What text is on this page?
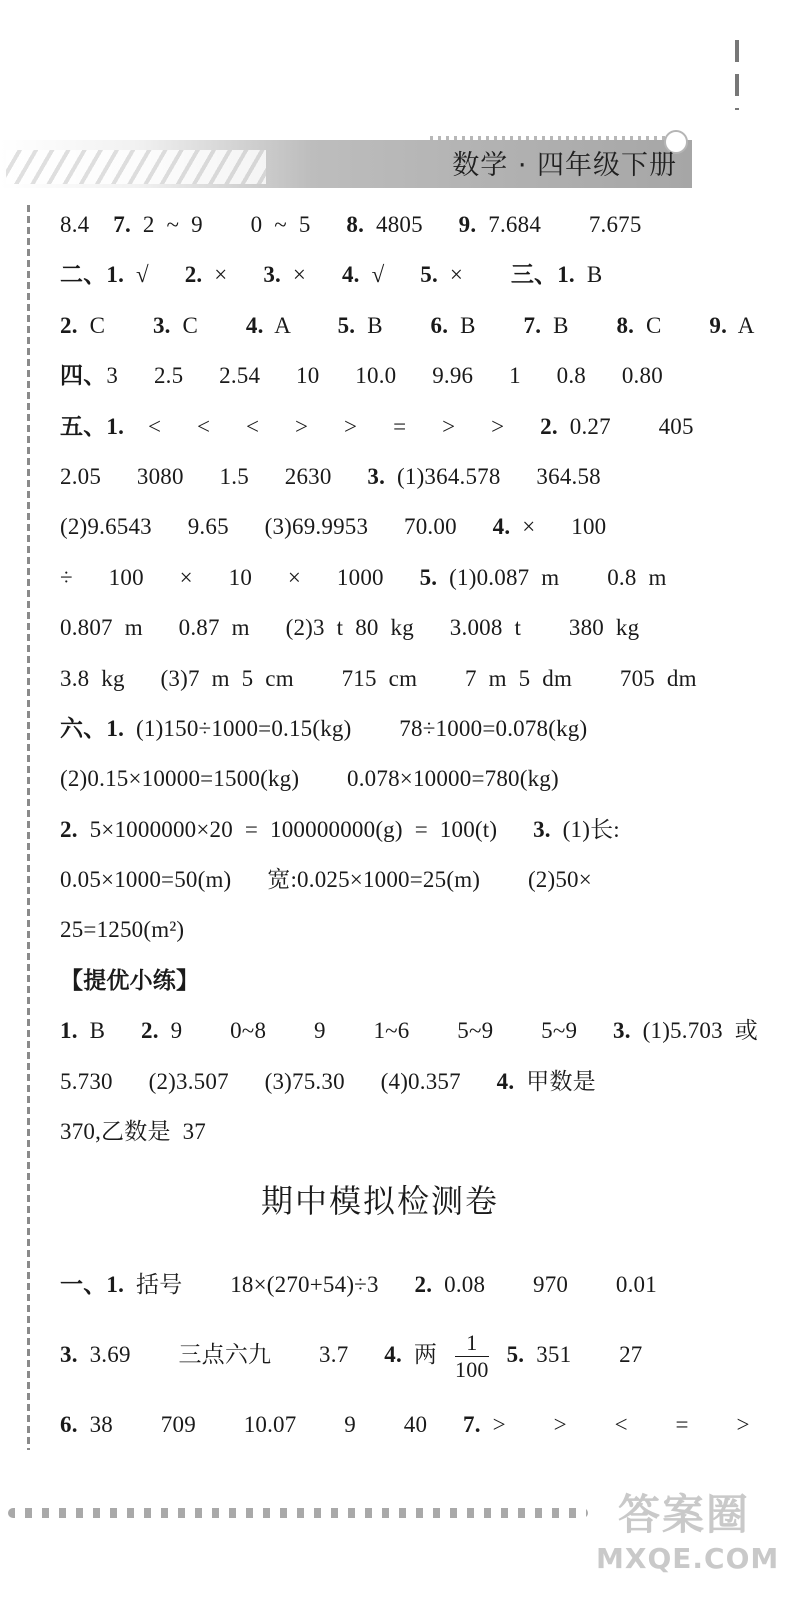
数学 · 四年级下册
8.4  7. 2 ~ 9    0 ~ 5   8. 4805   9. 7.684    7.675
二、1. √   2. ×   3. ×   4. √   5. ×    三、1. B
2. C    3. C    4. A    5. B    6. B    7. B    8. C    9. A
四、3   2.5   2.54   10   10.0   9.96   1   0.8   0.80
五、1.  <   <   <   >   >   =   >   >   2. 0.27    405
2.05   3080   1.5   2630   3. (1)364.578   364.58
(2)9.6543   9.65   (3)69.9953   70.00   4. ×   100
÷   100   ×   10   ×   1000   5. (1)0.087 m    0.8 m
0.807 m   0.87 m   (2)3 t 80 kg   3.008 t    380 kg
3.8 kg   (3)7 m 5 cm    715 cm    7 m 5 dm    705 dm
六、1. (1)150÷1000=0.15(kg)    78÷1000=0.078(kg)
(2)0.15×10000=1500(kg)    0.078×10000=780(kg)
2. 5×1000000×20 = 100000000(g) = 100(t)   3. (1)长:
0.05×1000=50(m)   宽:0.025×1000=25(m)    (2)50×
25=1250(m²)
【提优小练】
1. B   2. 9    0~8    9    1~6    5~9    5~9   3. (1)5.703 或
5.730   (2)3.507   (3)75.30   (4)0.357   4. 甲数是
370,乙数是 37
期中模拟检测卷
一、1. 括号    18×(270+54)÷3   2. 0.08    970    0.01
3. 3.69    三点六九    3.7   4. 两 $\frac{1}{100} 5$. 351    27
6. 38    709    10.07    9    40   7. >    >    <    =    >
答案圈
MXQE.COM
